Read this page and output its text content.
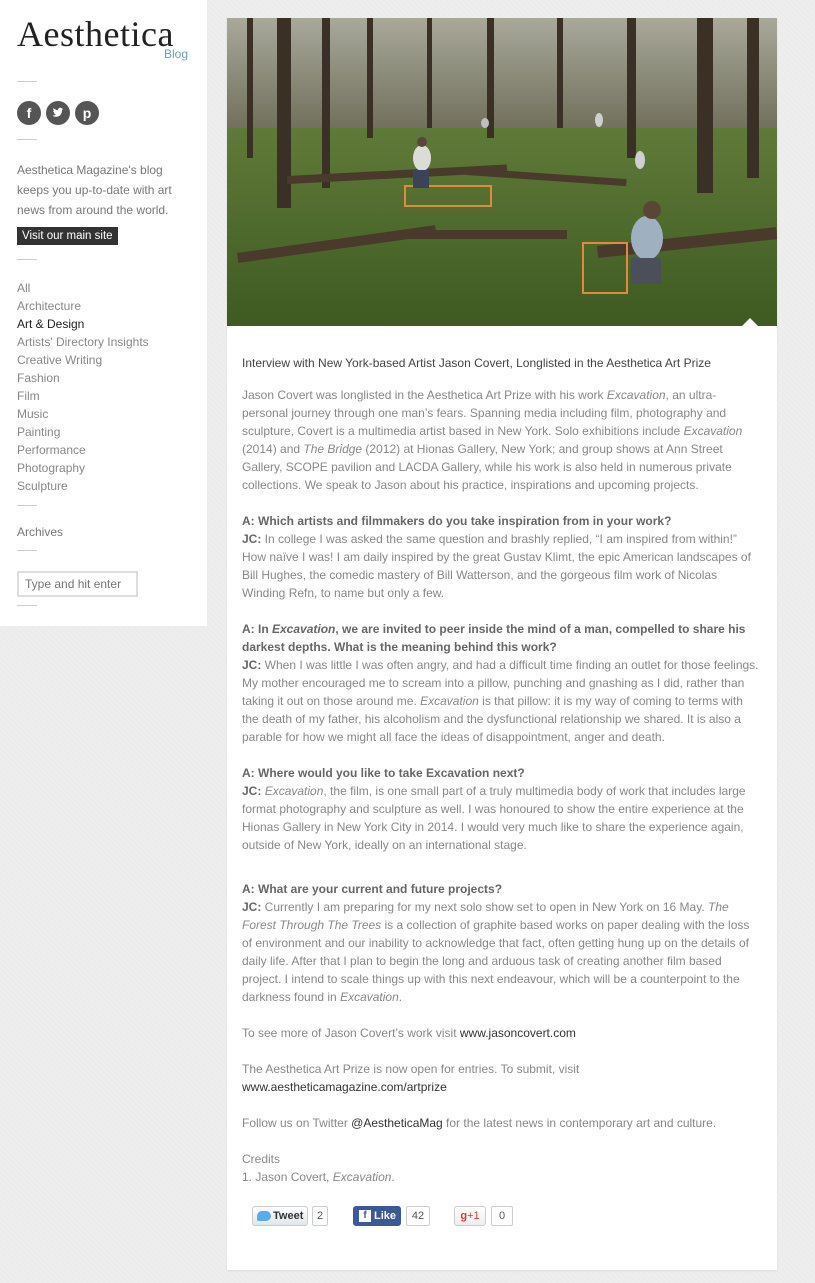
Aesthetica
Blog
f	p
Aesthetica Magazine's blog keeps you up-to-date with art news from around the world.
Visit our main site
All
Architecture
Art & Design
Artists' Directory Insights
Creative Writing
Fashion
Film
Music
Painting
Performance
Photography
Sculpture
Archives
Type and hit enter
Interview with New York-based Artist Jason Covert, Longlisted in the Aesthetica Art Prize

Jason Covert was longlisted in the Aesthetica Art Prize with his work Excavation, an ultra-personal journey through one man’s fears. Spanning media including film, photography and sculpture, Covert is a multimedia artist based in New York. Solo exhibitions include Excavation (2014) and The Bridge (2012) at Hionas Gallery, New York; and group shows at Ann Street Gallery, SCOPE pavilion and LACDA Gallery, while his work is also held in numerous private collections. We speak to Jason about his practice, inspirations and upcoming projects.

A: Which artists and filmmakers do you take inspiration from in your work?
JC: In college I was asked the same question and brashly replied, “I am inspired from within!” How naïve I was! I am daily inspired by the great Gustav Klimt, the epic American landscapes of Bill Hughes, the comedic mastery of Bill Watterson, and the gorgeous film work of Nicolas Winding Refn, to name but only a few.

A: In Excavation, we are invited to peer inside the mind of a man, compelled to share his darkest depths. What is the meaning behind this work?
JC: When I was little I was often angry, and had a difficult time finding an outlet for those feelings. My mother encouraged me to scream into a pillow, punching and gnashing as I did, rather than taking it out on those around me. Excavation is that pillow: it is my way of coming to terms with the death of my father, his alcoholism and the dysfunctional relationship we shared. It is also a parable for how we might all face the ideas of disappointment, anger and death.

A: Where would you like to take Excavation next?
JC: Excavation, the film, is one small part of a truly multimedia body of work that includes large format photography and sculpture as well. I was honoured to show the entire experience at the Hionas Gallery in New York City in 2014. I would very much like to share the experience again, outside of New York, ideally on an international stage.

A: What are your current and future projects?
JC: Currently I am preparing for my next solo show set to open in New York on 16 May. The Forest Through The Trees is a collection of graphite based works on paper dealing with the loss of environment and our inability to acknowledge that fact, often getting hung up on the details of daily life. After that I plan to begin the long and arduous task of creating another film based project. I intend to scale things up with this next endeavour, which will be a counterpoint to the darkness found in Excavation.

To see more of Jason Covert’s work visit www.jasoncovert.com

The Aesthetica Art Prize is now open for entries. To submit, visit
www.aestheticamagazine.com/artprize

Follow us on Twitter @AestheticaMag for the latest news in contemporary art and culture.

Credits
1. Jason Covert, Excavation.

Tweet	2	f Like	42	g+1	0
